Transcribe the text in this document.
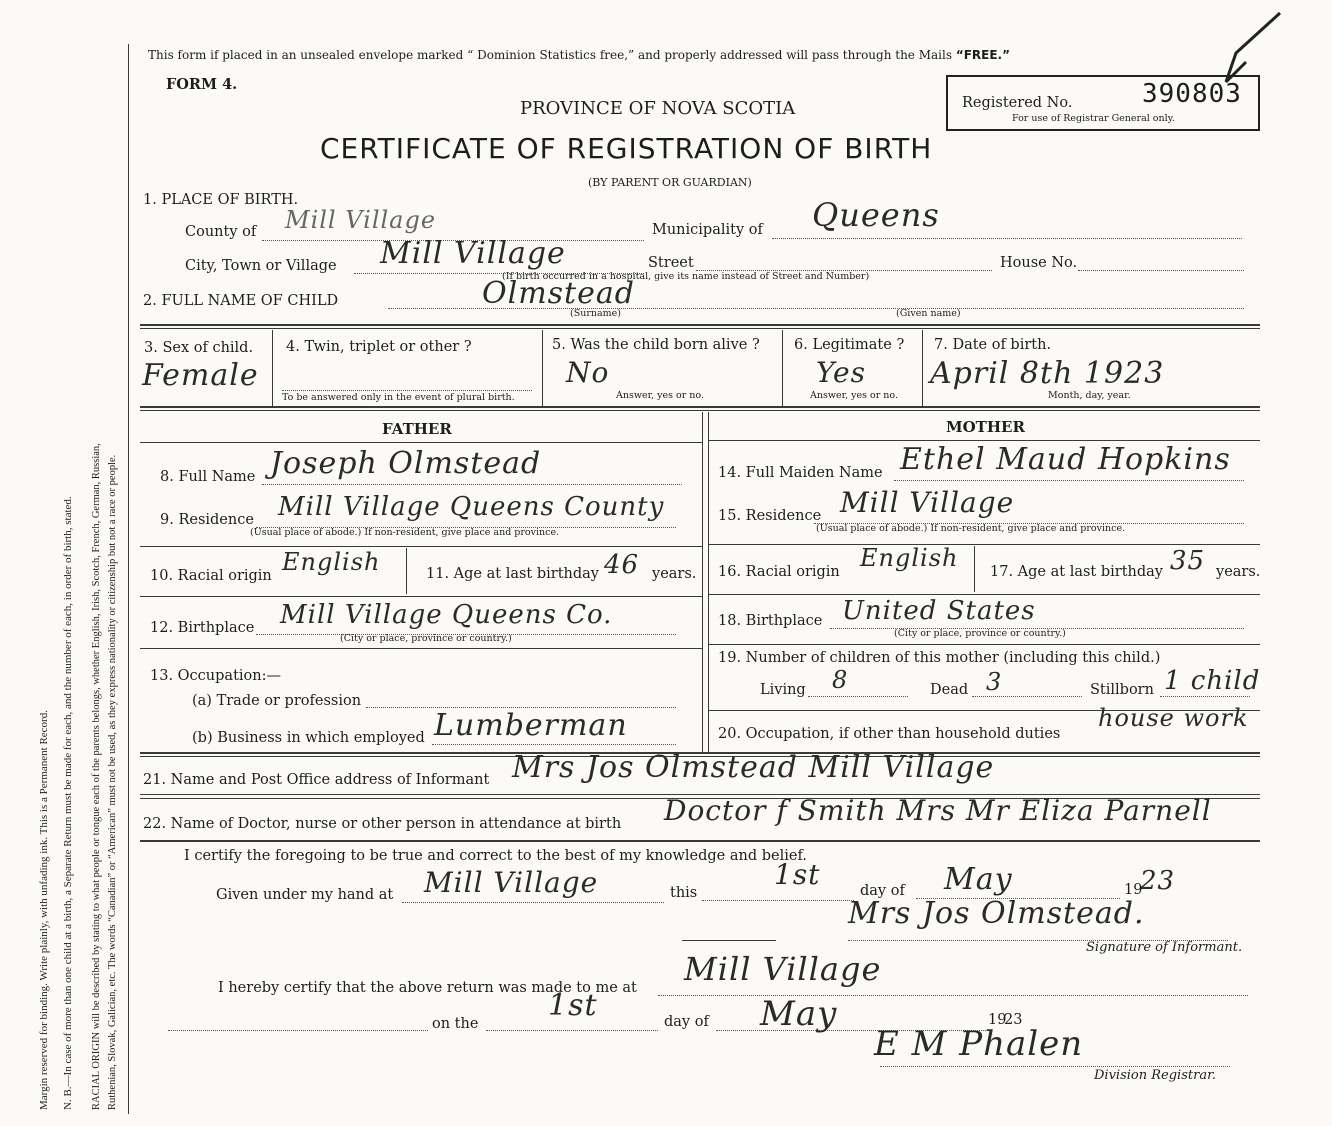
Margin reserved for binding. Write plainly, with unfading ink. This is a Permanent Record. N. B.—In case of more than one child at a birth, a Separate Return must be made for each, and the number of each, in order of birth, stated. RACIAL ORIGIN will be described by stating to what people or tongue each of the parents belongs, whether English, Irish, Scotch, French, German, Russian, Ruthenian, Slovak, Galician, etc. The words “Canadian” or “American” must not be used, as they express nationality or citizenship but not a race or people.
This form if placed in an unsealed envelope marked “ Dominion Statistics free,” and properly addressed will pass through the Mails “FREE.”
FORM 4.
PROVINCE OF NOVA SCOTIA
CERTIFICATE OF REGISTRATION OF BIRTH
(BY PARENT OR GUARDIAN)
Registered No.	390803
For use of Registrar General only.
1. PLACE OF BIRTH.
County of Mill Village	Municipality of Queens
City, Town or Village Mill Village	Street	House No.
(If birth occurred in a hospital, give its name instead of Street and Number)
2. FULL NAME OF CHILD	Olmstead
(Surname)	(Given name)
3. Sex of child.
Female
4. Twin, triplet or other ?
To be answered only in the event of plural birth.
5. Was the child born alive ?
No
Answer, yes or no.
6. Legitimate ?
Yes
Answer, yes or no.
7. Date of birth.
April 8th 1923
Month, day, year.
FATHER	MOTHER
8. Full Name Joseph Olmstead
9. Residence Mill Village Queens County
(Usual place of abode.) If non-resident, give place and province.
10. Racial origin English	11. Age at last birthday 46 years.
12. Birthplace Mill Village Queens Co.
(City or place, province or country.)
13. Occupation:—
(a) Trade or profession
(b) Business in which employed Lumberman
14. Full Maiden Name Ethel Maud Hopkins
15. Residence Mill Village
(Usual place of abode.) If non-resident, give place and province.
16. Racial origin English 17. Age at last birthday 35 years.
18. Birthplace United States
(City or place, province or country.)
19. Number of children of this mother (including this child.)
Living 8	Dead 3	Stillborn 1 child
20. Occupation, if other than household duties
house work
21. Name and Post Office address of Informant Mrs Jos Olmstead Mill Village
22. Name of Doctor, nurse or other person in attendance at birth Doctor f Smith Mrs Mr Eliza Parnell
I certify the foregoing to be true and correct to the best of my knowledge and belief.
Given under my hand at Mill Village	this
1st	day of May	19
23
Mrs Jos Olmstead.
Signature of Informant.
I hereby certify that the above return was made to me at Mill Village
on the
1st	day of May	19
23
E M Phalen
Division Registrar.
